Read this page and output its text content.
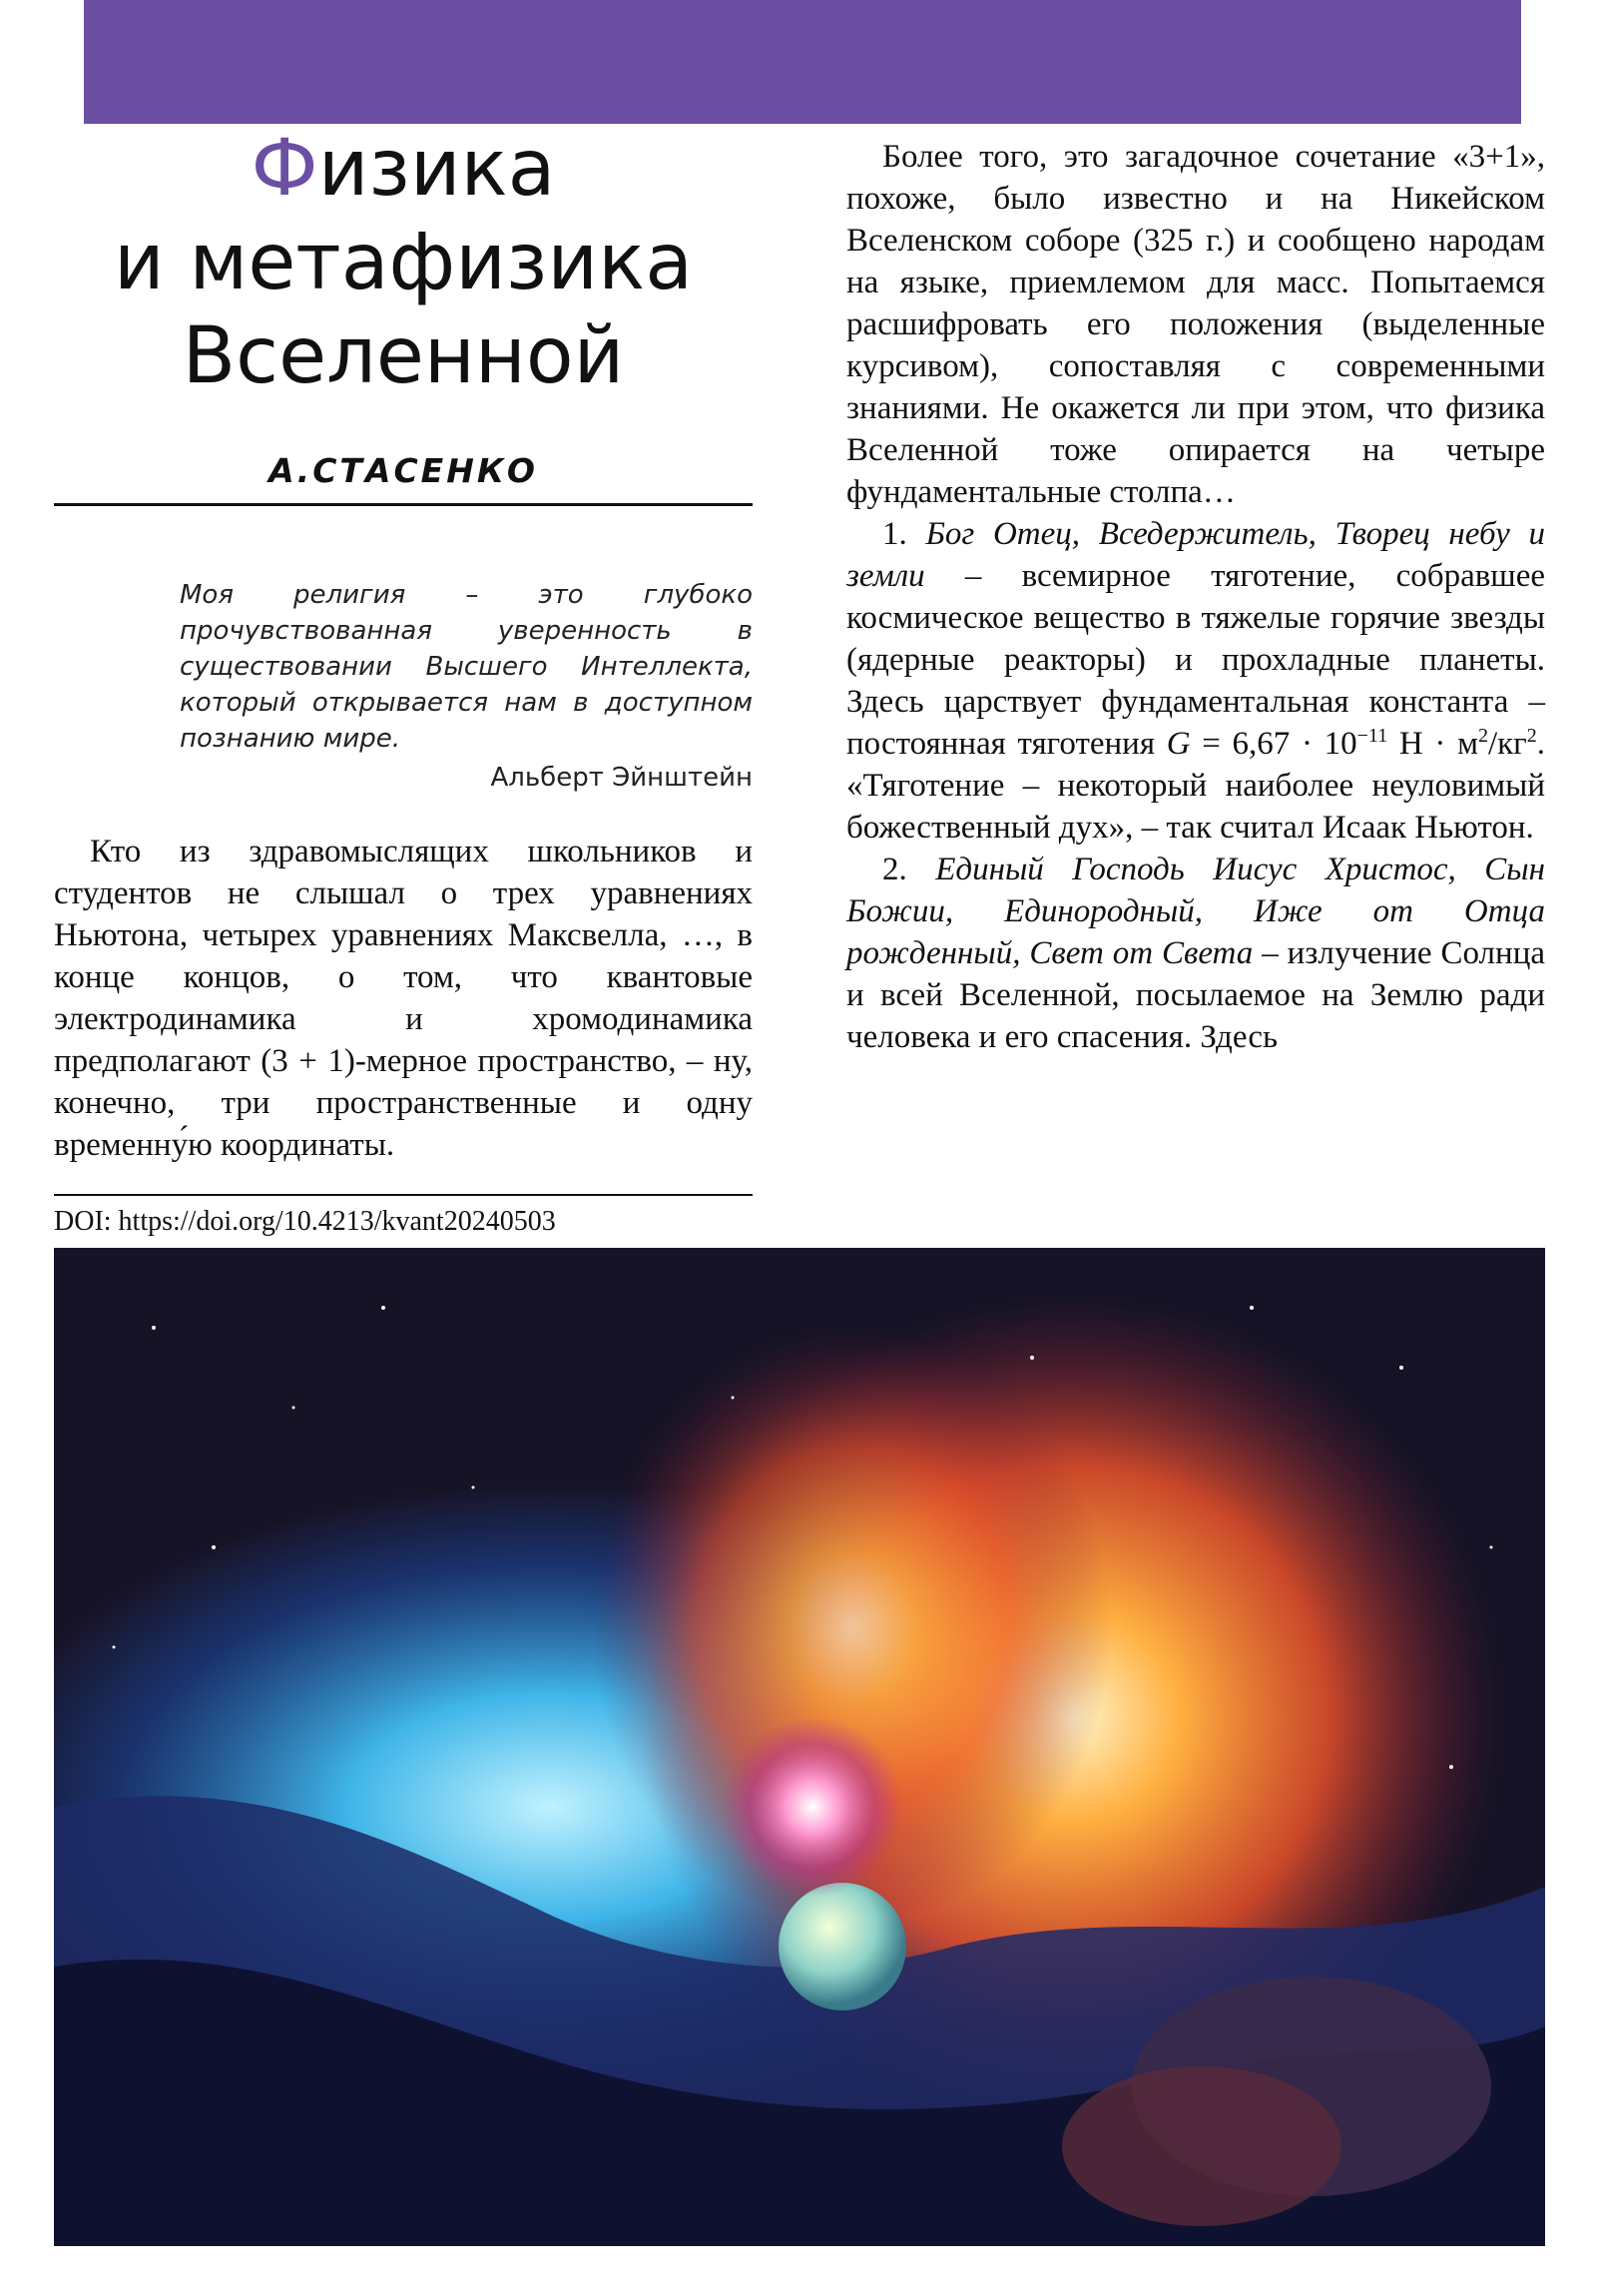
Физика
и метафизика
Вселенной
А.СТАСЕНКО
Моя религия – это глубоко прочувствованная уверенность в существовании Высшего Интеллекта, который открывается нам в доступном познанию мире.
Альберт Эйнштейн

Кто из здравомыслящих школьников и студентов не слышал о трех уравнениях Ньютона, четырех уравнениях Максвелла, …, в конце концов, о том, что квантовые электродинамика и хромодинамика предполагают (3 + 1)-мерное пространство, – ну, конечно, три пространственные и одну временну́ю координаты.

DOI: https://doi.org/10.4213/kvant20240503

Более того, это загадочное сочетание «3+1», похоже, было известно и на Никейском Вселенском соборе (325 г.) и сообщено народам на языке, приемлемом для масс. Попытаемся расшифровать его положения (выделенные курсивом), сопоставляя с современными знаниями. Не окажется ли при этом, что физика Вселенной тоже опирается на четыре фундаментальные столпа…

1. Бог Отец, Вседержитель, Творец небу и земли – всемирное тяготение, собравшее космическое вещество в тяжелые горячие звезды (ядерные реакторы) и прохладные планеты. Здесь царствует фундаментальная константа – постоянная тяготения $G = 6,67 \cdot 10^{-11}$ $Н \cdot м^2/кг^2$. «Тяготение – некоторый наиболее неуловимый божественный дух», – так считал Исаак Ньютон.

2. Единый Господь Иисус Христос, Сын Божии, Единородный, Иже от Отца рожденный, Свет от Света – излучение Солнца и всей Вселенной, посылаемое на Землю ради человека и его спасения. Здесь
